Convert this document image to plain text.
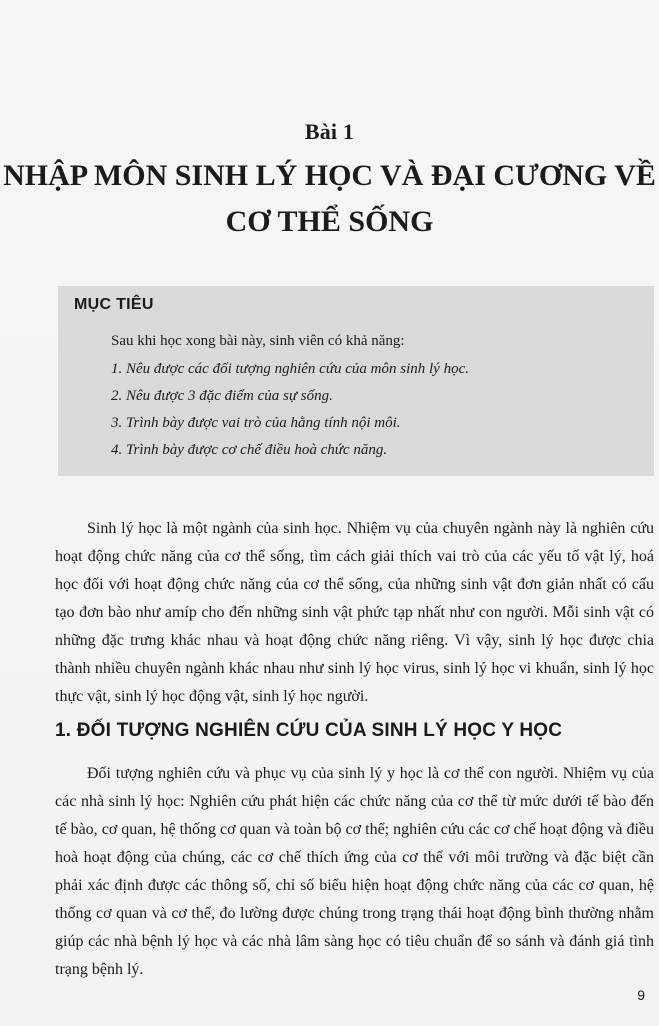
Bài 1
NHẬP MÔN SINH LÝ HỌC VÀ ĐẠI CƯƠNG VỀ CƠ THỂ SỐNG
MỤC TIÊU
Sau khi học xong bài này, sinh viên có khả năng:
1. Nêu được các đối tượng nghiên cứu của môn sinh lý học.
2. Nêu được 3 đặc điểm của sự sống.
3. Trình bày được vai trò của hằng tính nội môi.
4. Trình bày được cơ chế điều hoà chức năng.

Sinh lý học là một ngành của sinh học. Nhiệm vụ của chuyên ngành này là nghiên cứu hoạt động chức năng của cơ thể sống, tìm cách giải thích vai trò của các yếu tố vật lý, hoá học đối với hoạt động chức năng của cơ thể sống, của những sinh vật đơn giản nhất có cấu tạo đơn bào như amíp cho đến những sinh vật phức tạp nhất như con người. Mỗi sinh vật có những đặc trưng khác nhau và hoạt động chức năng riêng. Vì vậy, sinh lý học được chia thành nhiều chuyên ngành khác nhau như sinh lý học virus, sinh lý học vi khuẩn, sinh lý học thực vật, sinh lý học động vật, sinh lý học người.

1. ĐỐI TƯỢNG NGHIÊN CỨU CỦA SINH LÝ HỌC Y HỌC

Đối tượng nghiên cứu và phục vụ của sinh lý y học là cơ thể con người. Nhiệm vụ của các nhà sinh lý học: Nghiên cứu phát hiện các chức năng của cơ thể từ mức dưới tế bào đến tế bào, cơ quan, hệ thống cơ quan và toàn bộ cơ thể; nghiên cứu các cơ chế hoạt động và điều hoà hoạt động của chúng, các cơ chế thích ứng của cơ thể với môi trường và đặc biệt cần phải xác định được các thông số, chỉ số biểu hiện hoạt động chức năng của các cơ quan, hệ thống cơ quan và cơ thể, đo lường được chúng trong trạng thái hoạt động bình thường nhằm giúp các nhà bệnh lý học và các nhà lâm sàng học có tiêu chuẩn để so sánh và đánh giá tình trạng bệnh lý.

9
